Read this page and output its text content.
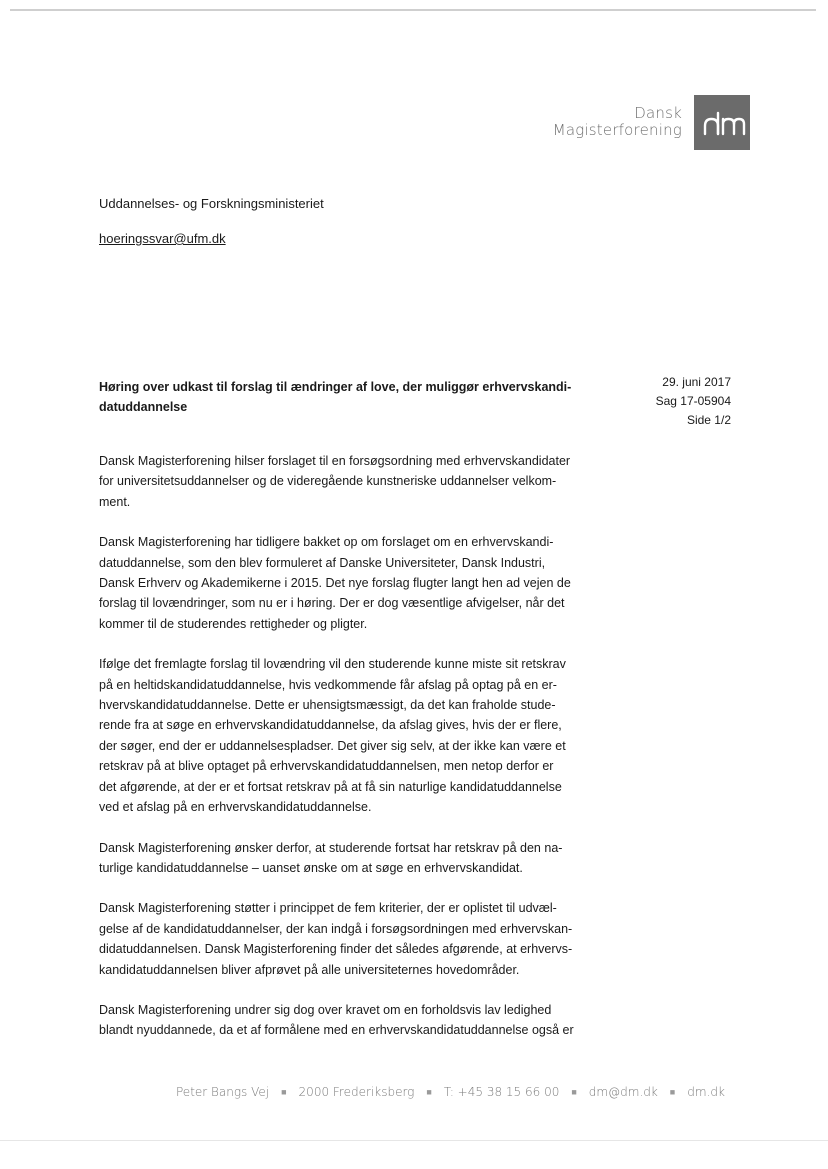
Dansk
Magisterforening
Uddannelses- og Forskningsministeriet
hoeringssvar@ufm.dk
29. juni 2017
Sag 17-05904
Side 1/2
Høring over udkast til forslag til ændringer af love, der muliggør erhvervskandi-
datuddannelse

Dansk Magisterforening hilser forslaget til en forsøgsordning med erhvervskandidater
for universitetsuddannelser og de videregående kunstneriske uddannelser velkom-
ment.

Dansk Magisterforening har tidligere bakket op om forslaget om en erhvervskandi-
datuddannelse, som den blev formuleret af Danske Universiteter, Dansk Industri,
Dansk Erhverv og Akademikerne i 2015. Det nye forslag flugter langt hen ad vejen de
forslag til lovændringer, som nu er i høring. Der er dog væsentlige afvigelser, når det
kommer til de studerendes rettigheder og pligter.

Ifølge det fremlagte forslag til lovændring vil den studerende kunne miste sit retskrav
på en heltidskandidatuddannelse, hvis vedkommende får afslag på optag på en er-
hvervskandidatuddannelse. Dette er uhensigtsmæssigt, da det kan fraholde stude-
rende fra at søge en erhvervskandidatuddannelse, da afslag gives, hvis der er flere,
der søger, end der er uddannelsespladser. Det giver sig selv, at der ikke kan være et
retskrav på at blive optaget på erhvervskandidatuddannelsen, men netop derfor er
det afgørende, at der er et fortsat retskrav på at få sin naturlige kandidatuddannelse
ved et afslag på en erhvervskandidatuddannelse.

Dansk Magisterforening ønsker derfor, at studerende fortsat har retskrav på den na-
turlige kandidatuddannelse – uanset ønske om at søge en erhvervskandidat.

Dansk Magisterforening støtter i princippet de fem kriterier, der er oplistet til udvæl-
gelse af de kandidatuddannelser, der kan indgå i forsøgsordningen med erhvervskan-
didatuddannelsen. Dansk Magisterforening finder det således afgørende, at erhvervs-
kandidatuddannelsen bliver afprøvet på alle universiteternes hovedområder.

Dansk Magisterforening undrer sig dog over kravet om en forholdsvis lav ledighed
blandt nyuddannede, da et af formålene med en erhvervskandidatuddannelse også er

Peter Bangs Vej ■ 2000 Frederiksberg ■ T: +45 38 15 66 00 ■ dm@dm.dk ■ dm.dk
